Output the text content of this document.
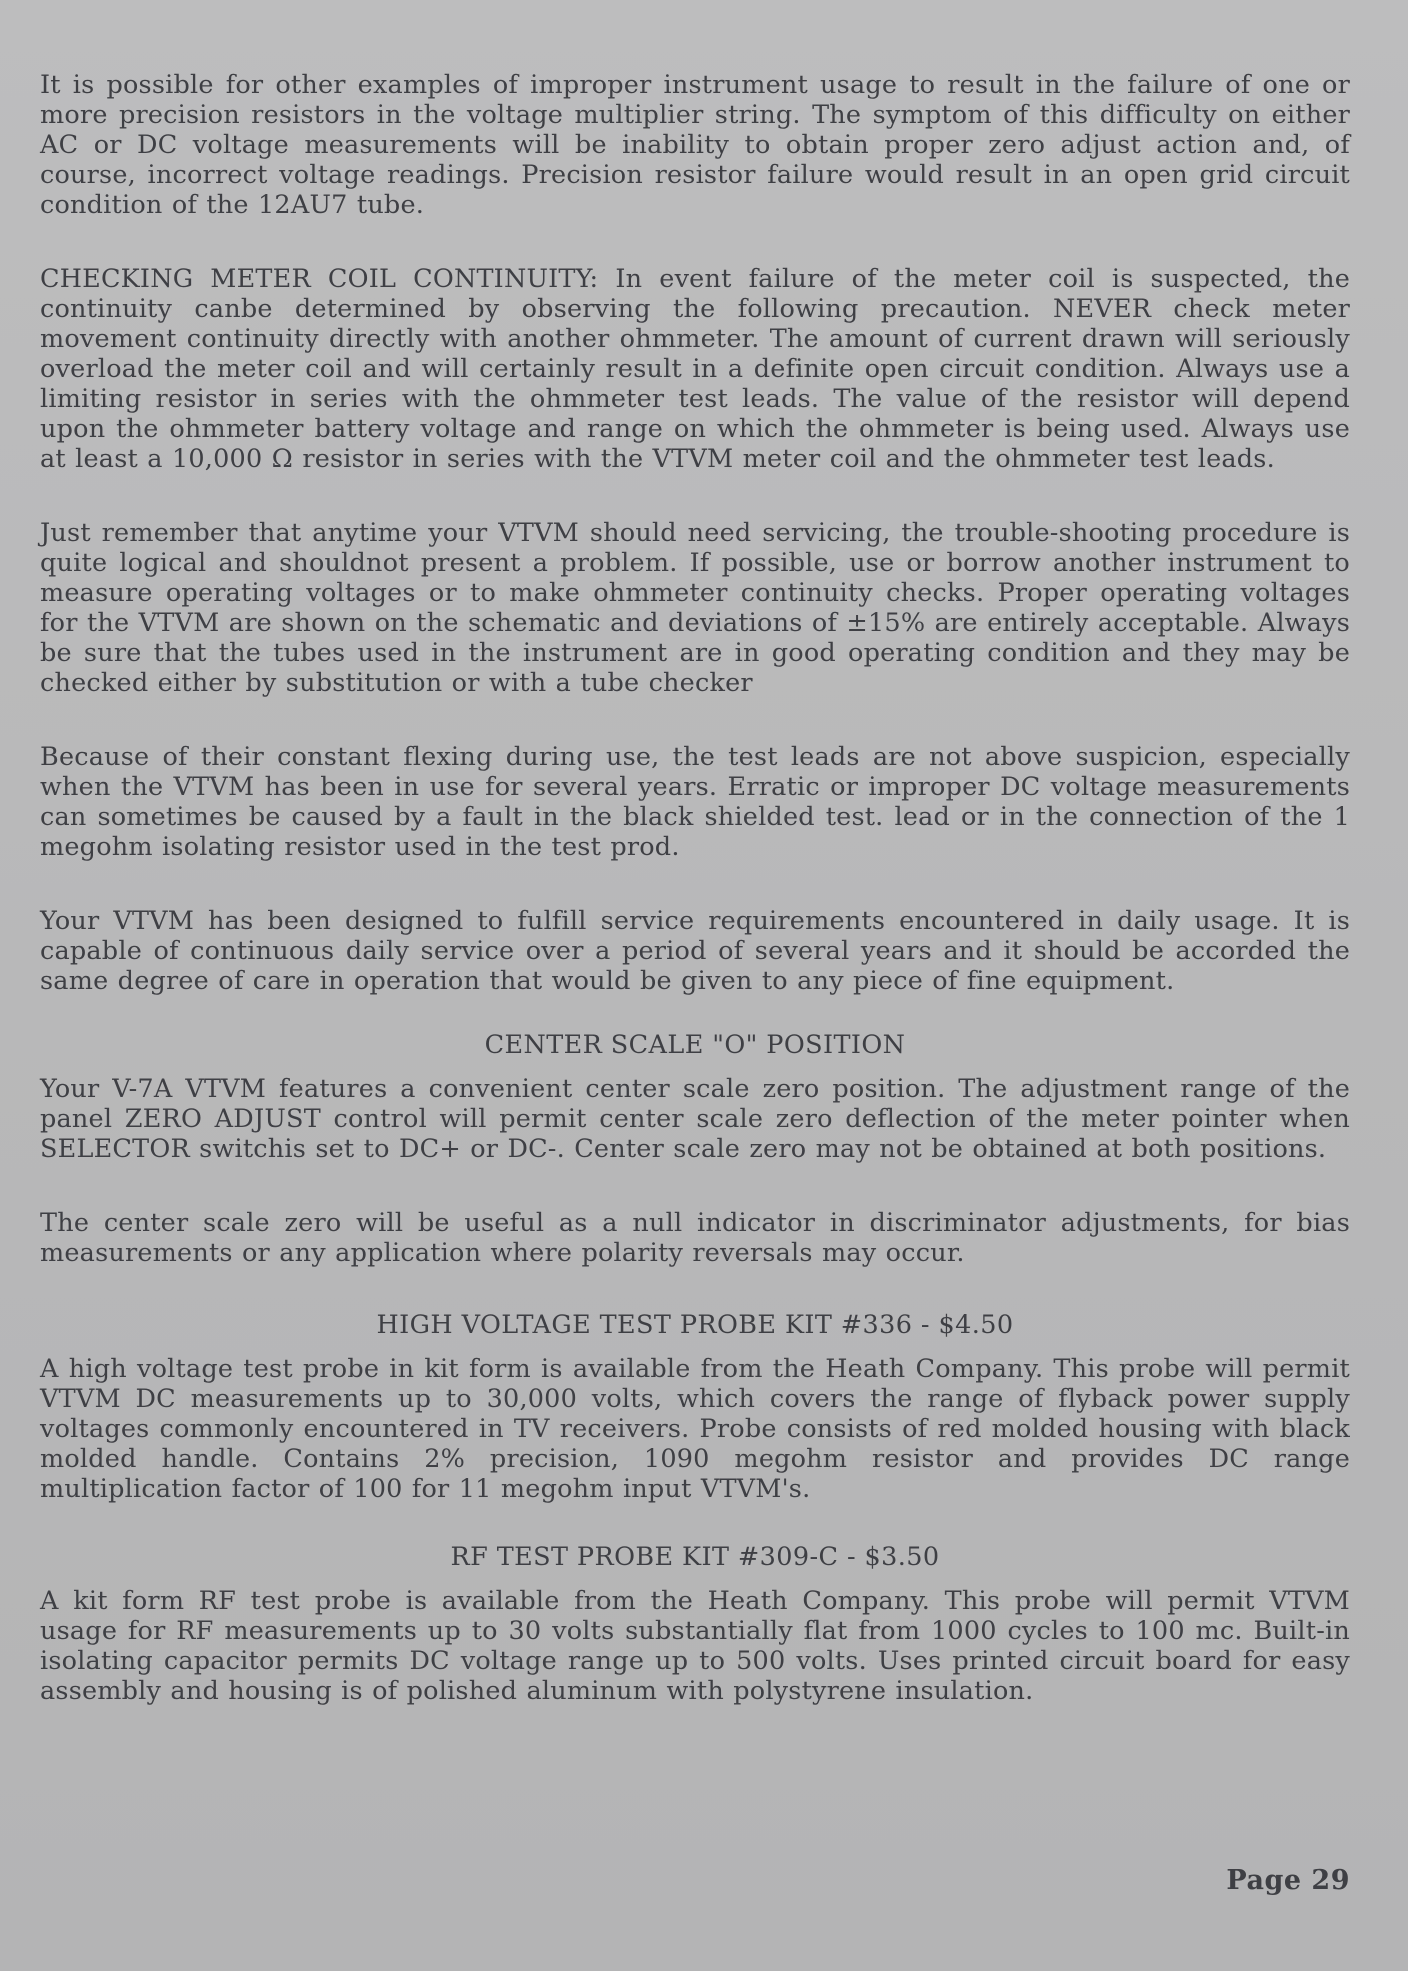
It is possible for other examples of improper instrument usage to result in the failure of one or more precision resistors in the voltage multiplier string. The symptom of this difficulty on either AC or DC voltage measurements will be inability to obtain proper zero adjust action and, of course, incorrect voltage readings. Precision resistor failure would result in an open grid circuit condition of the 12AU7 tube.

CHECKING METER COIL CONTINUITY: In event failure of the meter coil is suspected, the continuity canbe determined by observing the following precaution. NEVER check meter movement continuity directly with another ohmmeter. The amount of current drawn will seriously overload the meter coil and will certainly result in a definite open circuit condition. Always use a limiting resistor in series with the ohmmeter test leads. The value of the resistor will depend upon the ohmmeter battery voltage and range on which the ohmmeter is being used. Always use at least a 10,000 Ω resistor in series with the VTVM meter coil and the ohmmeter test leads.

Just remember that anytime your VTVM should need servicing, the trouble-shooting procedure is quite logical and shouldnot present a problem. If possible, use or borrow another instrument to measure operating voltages or to make ohmmeter continuity checks. Proper operating voltages for the VTVM are shown on the schematic and deviations of ±15% are entirely acceptable. Always be sure that the tubes used in the instrument are in good operating condition and they may be checked either by substitution or with a tube checker

Because of their constant flexing during use, the test leads are not above suspicion, especially when the VTVM has been in use for several years. Erratic or improper DC voltage measurements can sometimes be caused by a fault in the black shielded test. lead or in the connection of the 1 megohm isolating resistor used in the test prod.

Your VTVM has been designed to fulfill service requirements encountered in daily usage. It is capable of continuous daily service over a period of several years and it should be accorded the same degree of care in operation that would be given to any piece of fine equipment.

CENTER SCALE "O" POSITION

Your V-7A VTVM features a convenient center scale zero position. The adjustment range of the panel ZERO ADJUST control will permit center scale zero deflection of the meter pointer when SELECTOR switchis set to DC+ or DC-. Center scale zero may not be obtained at both positions.

The center scale zero will be useful as a null indicator in discriminator adjustments, for bias measurements or any application where polarity reversals may occur.

HIGH VOLTAGE TEST PROBE KIT #336 - $4.50

A high voltage test probe in kit form is available from the Heath Company. This probe will permit VTVM DC measurements up to 30,000 volts, which covers the range of flyback power supply voltages commonly encountered in TV receivers. Probe consists of red molded housing with black molded handle. Contains 2% precision, 1090 megohm resistor and provides DC range multiplication factor of 100 for 11 megohm input VTVM's.

RF TEST PROBE KIT #309-C - $3.50

A kit form RF test probe is available from the Heath Company. This probe will permit VTVM usage for RF measurements up to 30 volts substantially flat from 1000 cycles to 100 mc. Built-in isolating capacitor permits DC voltage range up to 500 volts. Uses printed circuit board for easy assembly and housing is of polished aluminum with polystyrene insulation.

Page 29
